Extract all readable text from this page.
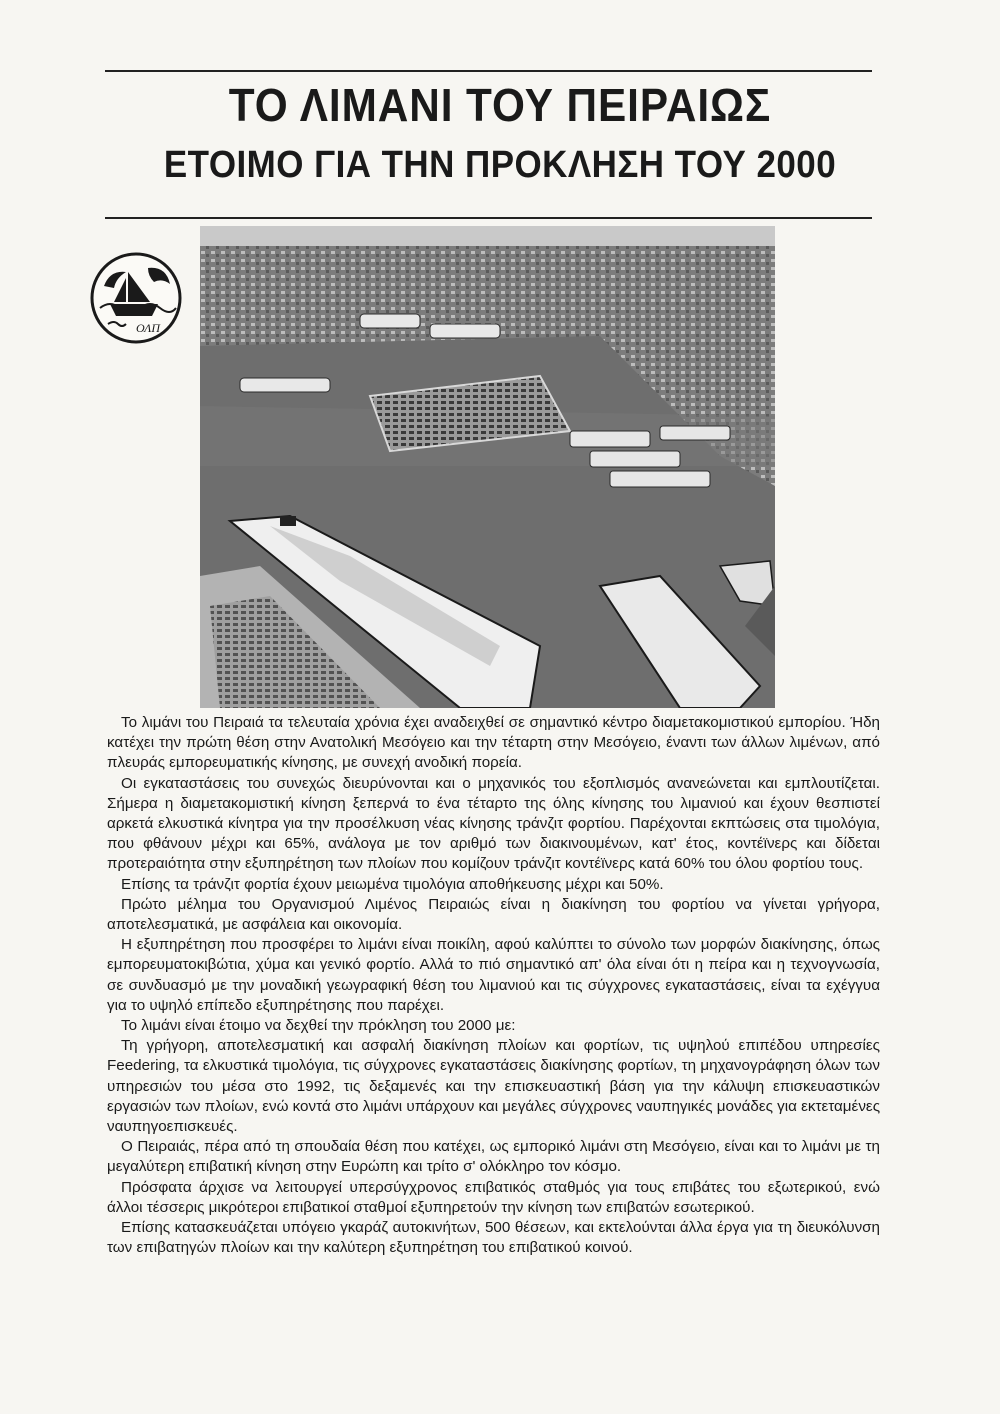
ΤΟ ΛΙΜΑΝΙ ΤΟΥ ΠΕΙΡΑΙΩΣ
ΕΤΟΙΜΟ ΓΙΑ ΤΗΝ ΠΡΟΚΛΗΣΗ ΤΟΥ 2000
ΟΛΠ

Το λιμάνι του Πειραιά τα τελευταία χρόνια έχει αναδειχθεί σε σημαντικό κέντρο διαμετακομιστικού εμπορίου. Ήδη κατέχει την πρώτη θέση στην Ανατολική Μεσόγειο και την τέταρτη στην Μεσόγειο, έναντι των άλλων λιμένων, από πλευράς εμπορευματικής κίνησης, με συνεχή ανοδική πορεία.

Οι εγκαταστάσεις του συνεχώς διευρύνονται και ο μηχανικός του εξοπλισμός ανανεώνεται και εμπλουτίζεται. Σήμερα η διαμετακομιστική κίνηση ξεπερνά το ένα τέταρτο της όλης κίνησης του λιμανιού και έχουν θεσπιστεί αρκετά ελκυστικά κίνητρα για την προσέλκυση νέας κίνησης τράνζιτ φορτίου. Παρέχονται εκπτώσεις στα τιμολόγια, που φθάνουν μέχρι και 65%, ανάλογα με τον αριθμό των διακινουμένων, κατ' έτος, κοντέϊνερς και δίδεται προτεραιότητα στην εξυπηρέτηση των πλοίων που κομίζουν τράνζιτ κοντέϊνερς κατά 60% του όλου φορτίου τους.

Επίσης τα τράνζιτ φορτία έχουν μειωμένα τιμολόγια αποθήκευσης μέχρι και 50%.

Πρώτο μέλημα του Οργανισμού Λιμένος Πειραιώς είναι η διακίνηση του φορτίου να γίνεται γρήγορα, αποτελεσματικά, με ασφάλεια και οικονομία.

Η εξυπηρέτηση που προσφέρει το λιμάνι είναι ποικίλη, αφού καλύπτει το σύνολο των μορφών διακίνησης, όπως εμπορευματοκιβώτια, χύμα και γενικό φορτίο. Αλλά το πιό σημαντικό απ' όλα είναι ότι η πείρα και η τεχνογνωσία, σε συνδυασμό με την μοναδική γεωγραφική θέση του λιμανιού και τις σύγχρονες εγκαταστάσεις, είναι τα εχέγγυα για το υψηλό επίπεδο εξυπηρέτησης που παρέχει.

Το λιμάνι είναι έτοιμο να δεχθεί την πρόκληση του 2000 με:

Τη γρήγορη, αποτελεσματική και ασφαλή διακίνηση πλοίων και φορτίων, τις υψηλού επιπέδου υπηρεσίες Feedering, τα ελκυστικά τιμολόγια, τις σύγχρονες εγκαταστάσεις διακίνησης φορτίων, τη μηχανογράφηση όλων των υπηρεσιών του μέσα στο 1992, τις δεξαμενές και την επισκευαστική βάση για την κάλυψη επισκευαστικών εργασιών των πλοίων, ενώ κοντά στο λιμάνι υπάρχουν και μεγάλες σύγχρονες ναυπηγικές μονάδες για εκτεταμένες ναυπηγοεπισκευές.

Ο Πειραιάς, πέρα από τη σπουδαία θέση που κατέχει, ως εμπορικό λιμάνι στη Μεσόγειο, είναι και το λιμάνι με τη μεγαλύτερη επιβατική κίνηση στην Ευρώπη και τρίτο σ' ολόκληρο τον κόσμο.

Πρόσφατα άρχισε να λειτουργεί υπερσύγχρονος επιβατικός σταθμός για τους επιβάτες του εξωτερικού, ενώ άλλοι τέσσερις μικρότεροι επιβατικοί σταθμοί εξυπηρετούν την κίνηση των επιβατών εσωτερικού.

Επίσης κατασκευάζεται υπόγειο γκαράζ αυτοκινήτων, 500 θέσεων, και εκτελούνται άλλα έργα για τη διευκόλυνση των επιβατηγών πλοίων και την καλύτερη εξυπηρέτηση του επιβατικού κοινού.
